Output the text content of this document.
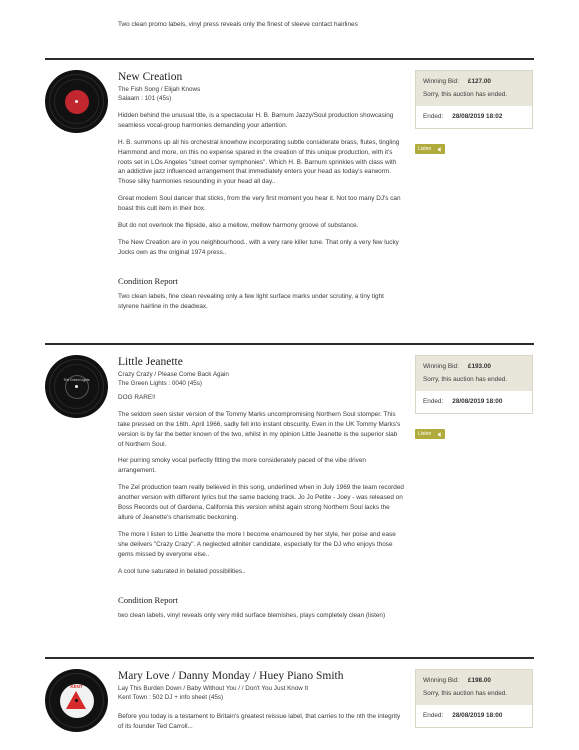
Two clean promo labels, vinyl press reveals only the finest of sleeve contact hairlines
New Creation
The Fish Song / Elijah Knows
Salaam : 101 (45s)
Hidden behind the unusual title, is a spectacular H. B. Barnum Jazzy/Soul production showcasing seamless vocal-group harmonies demanding your attention.
H. B. summons up all his orchestral knowhow incorporating subtle considerate brass, flutes, tingling Hammond and more, on this no expense spared in the creation of this unique production, with it's roots set in LOs Angeles "street corner symphonies". Which H. B. Barnum sprinkles with class with an addictive jazz influenced arrangement that immediately enters your head as today's earworm. Those silky harmonies resounding in your head all day..
Great modern Soul dancer that sticks, from the very first moment you hear it. Not too many DJ's can boast this cult item in their box.
But do not overlook the flipside, also a mellow, mellow harmony groove of substance.
The New Creation are in you neighbourhood.. with a very rare killer tune. That only a very few lucky Jocks own as the original 1974 press..
Condition Report
Two clean labels, fine clean revealing only a few light surface marks under scrutiny, a tiny tight styrene hairline in the deadwax.
Winning Bid: £127.00
Sorry, this auction has ended.
Ended: 28/08/2019 18:02
Listen
The Green Lights
Little Jeanette
Crazy Crazy / Please Come Back Again
The Green Lights : 0040 (45s)
DOG RARE!!
The seldom seen sister version of the Tommy Marks uncompromising Northern Soul stomper. This take pressed on the 16th. April 1966, sadly fell into instant obscurity. Even in the UK Tommy Marks's version is by far the better known of the two, whilst in my opinion Little Jeanette is the superior slab of Northern Soul.
Her purring smoky vocal perfectly fitting the more considerately paced of the vibe driven arrangement.
The Zel production team really believed in this song, underlined when in July 1969 the team recorded another version with different lyrics but the same backing track. Jo Jo Petite - Joey - was released on Boss Records out of Gardena, California this version whilst again strong Northern Soul lacks the allure of Jeanette's charismatic beckoning.
The more I listen to Little Jeanette the more I become enamoured by her style, her poise and ease she delivers "Crazy Crazy". A neglected allniter candidate, especially for the DJ who enjoys those gems missed by everyone else..
A cool tune saturated in belated possibilities..
Condition Report
two clean labels, vinyl reveals only very mild surface blemishes, plays completely clean (listen)
Winning Bid: £193.00
Sorry, this auction has ended.
Ended: 28/08/2019 18:00
Listen
KENT
Mary Love / Danny Monday / Huey Piano Smith
Lay This Burden Down / Baby Without You / / Don't You Just Know It
Kent Town : 502 DJ + info sheet (45s)
Before you today is a testament to Britain's greatest reissue label, that carries to the nth the integrity of its founder Ted Carroll...
Winning Bid: £198.00
Sorry, this auction has ended.
Ended: 28/08/2019 18:00
